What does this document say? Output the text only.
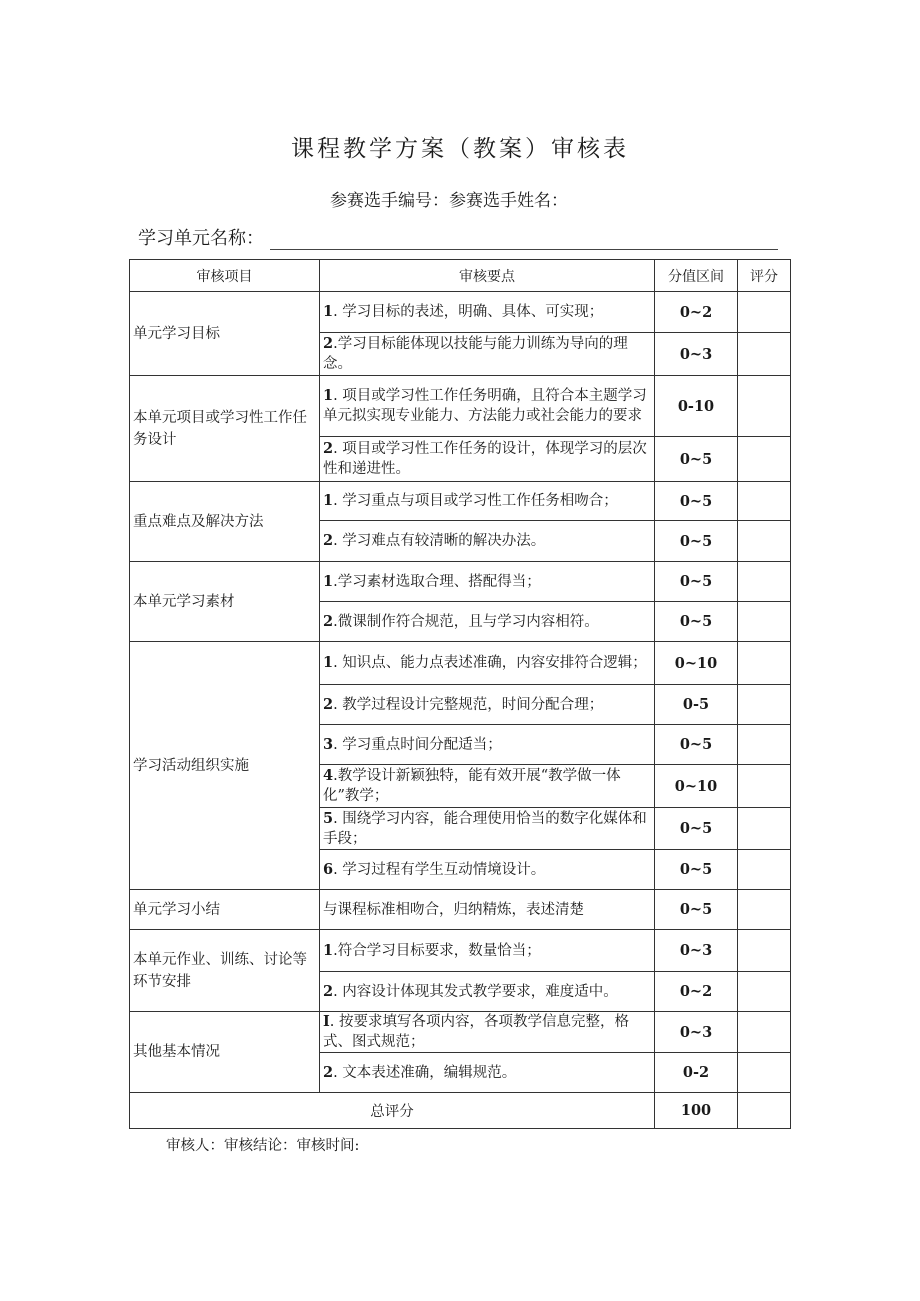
课程教学方案（教案）审核表
参赛选手编号：参赛选手姓名：
学习单元名称：
审核项目	审核要点	分值区间	评分
单元学习目标	1. 学习目标的表述，明确、具体、可实现；	0~2	
	2.学习目标能体现以技能与能力训练为导向的理念。	0~3	
本单元项目或学习性工作任务设计	1. 项目或学习性工作任务明确，且符合本主题学习单元拟实现专业能力、方法能力或社会能力的要求	0-10	
	2. 项目或学习性工作任务的设计，体现学习的层次性和递进性。	0~5	
重点难点及解决方法	1. 学习重点与项目或学习性工作任务相吻合；	0~5	
	2. 学习难点有较清晰的解决办法。	0~5	
本单元学习素材	1.学习素材选取合理、搭配得当；	0~5	
	2.微课制作符合规范，且与学习内容相符。	0~5	
学习活动组织实施	1. 知识点、能力点表述准确，内容安排符合逻辑；	0~10	
	2. 教学过程设计完整规范，时间分配合理；	0-5	
	3. 学习重点时间分配适当；	0~5	
	4.教学设计新颖独特，能有效开展“教学做一体化”教学；	0~10	
	5. 围绕学习内容，能合理使用恰当的数字化媒体和手段；	0~5	
	6. 学习过程有学生互动情境设计。	0~5	
单元学习小结	与课程标准相吻合，归纳精炼，表述清楚	0~5	
本单元作业、训练、讨论等环节安排	1.符合学习目标要求，数量恰当；	0~3	
	2. 内容设计体现其发式教学要求，难度适中。	0~2	
其他基本情况	I. 按要求填写各项内容，各项教学信息完整，格式、图式规范；	0~3	
	2. 文本表述准确，编辑规范。	0-2	
总评分		100	
审核人：审核结论：审核时间:
